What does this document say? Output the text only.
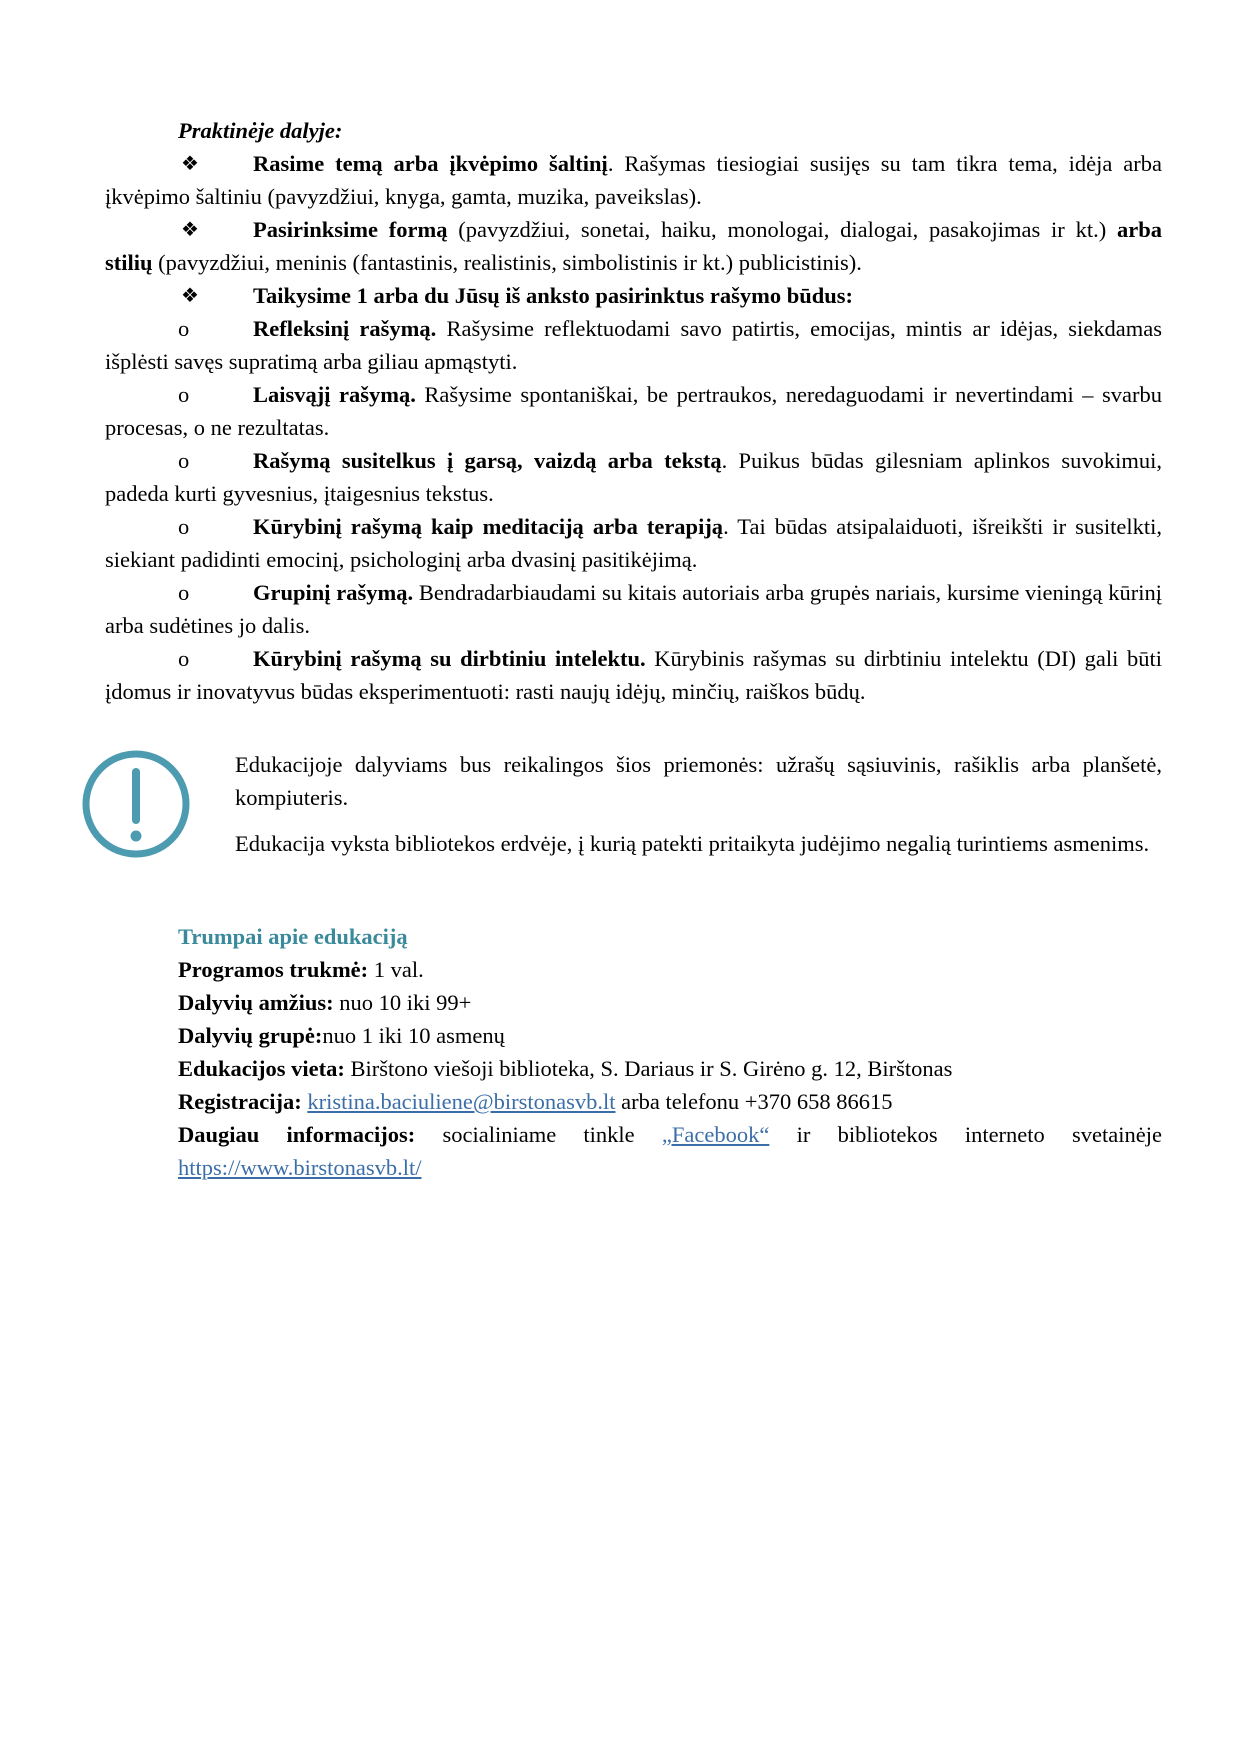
Praktinėje dalyje:

❖	Rasime temą arba įkvėpimo šaltinį. Rašymas tiesiogiai susijęs su tam tikra tema, idėja arba įkvėpimo šaltiniu (pavyzdžiui, knyga, gamta, muzika, paveikslas).

❖	Pasirinksime formą (pavyzdžiui, sonetai, haiku, monologai, dialogai, pasakojimas ir kt.) arba stilių (pavyzdžiui, meninis (fantastinis, realistinis, simbolistinis ir kt.) publicistinis).

❖	Taikysime 1 arba du Jūsų iš anksto pasirinktus rašymo būdus:

o	Refleksinį rašymą. Rašysime reflektuodami savo patirtis, emocijas, mintis ar idėjas, siekdamas išplėsti savęs supratimą arba giliau apmąstyti.

o	Laisvąjį rašymą. Rašysime spontaniškai, be pertraukos, neredaguodami ir nevertindami – svarbu procesas, o ne rezultatas.

o	Rašymą susitelkus į garsą, vaizdą arba tekstą. Puikus būdas gilesniam aplinkos suvokimui, padeda kurti gyvesnius, įtaigesnius tekstus.

o	Kūrybinį rašymą kaip meditaciją arba terapiją. Tai būdas atsipalaiduoti, išreikšti ir susitelkti, siekiant padidinti emocinį, psichologinį arba dvasinį pasitikėjimą.

o	Grupinį rašymą. Bendradarbiaudami su kitais autoriais arba grupės nariais, kursime vieningą kūrinį arba sudėtines jo dalis.

o	Kūrybinį rašymą su dirbtiniu intelektu. Kūrybinis rašymas su dirbtiniu intelektu (DI) gali būti įdomus ir inovatyvus būdas eksperimentuoti: rasti naujų idėjų, minčių, raiškos būdų.

Edukacijoje dalyviams bus reikalingos šios priemonės: užrašų sąsiuvinis, rašiklis arba planšetė, kompiuteris.

Edukacija vyksta bibliotekos erdvėje, į kurią patekti pritaikyta judėjimo negalią turintiems asmenims.

Trumpai apie edukaciją

Programos trukmė: 1 val.

Dalyvių amžius: nuo 10 iki 99+

Dalyvių grupė:nuo 1 iki 10 asmenų

Edukacijos vieta: Birštono viešoji biblioteka, S. Dariaus ir S. Girėno g. 12, Birštonas

Registracija: kristina.baciuliene@birstonasvb.lt arba telefonu +370 658 86615

Daugiau informacijos: socialiniame tinkle „Facebook“ ir bibliotekos interneto svetainėje

https://www.birstonasvb.lt/
